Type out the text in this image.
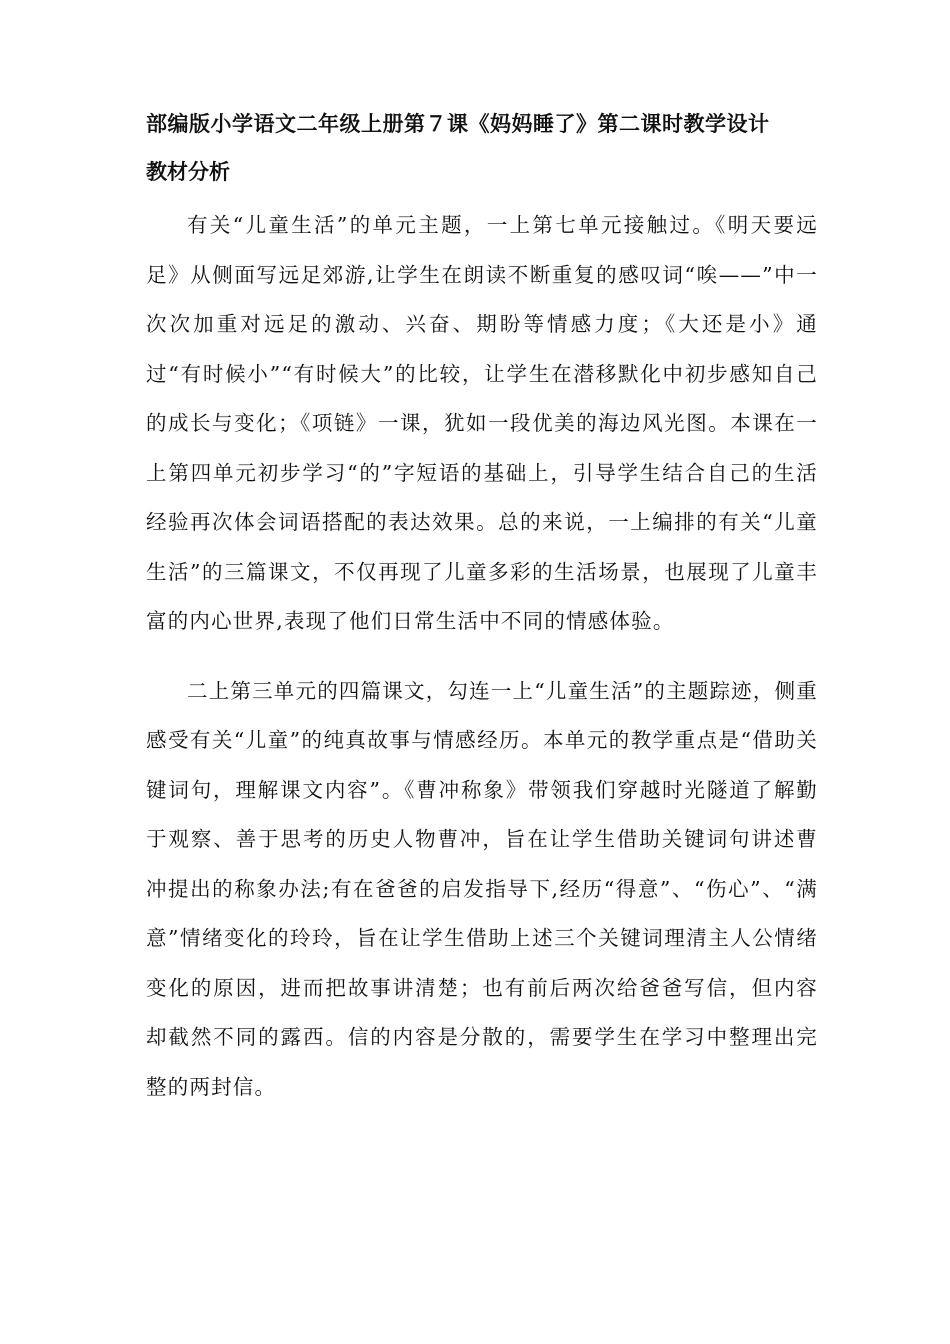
部编版小学语文二年级上册第７课《妈妈睡了》第二课时教学设计
教材分析

有关“儿童生活”的单元主题，一上第七单元接触过。《明天要远足》从侧面写远足郊游,让学生在朗读不断重复的感叹词“唉——”中一次次加重对远足的激动、兴奋、期盼等情感力度；《大还是小》通过“有时候小”“有时候大”的比较，让学生在潜移默化中初步感知自己的成长与变化；《项链》一课，犹如一段优美的海边风光图。本课在一上第四单元初步学习“的”字短语的基础上，引导学生结合自己的生活经验再次体会词语搭配的表达效果。总的来说，一上编排的有关“儿童生活”的三篇课文，不仅再现了儿童多彩的生活场景，也展现了儿童丰富的内心世界,表现了他们日常生活中不同的情感体验。

二上第三单元的四篇课文，勾连一上“儿童生活”的主题踪迹，侧重感受有关“儿童”的纯真故事与情感经历。本单元的教学重点是“借助关键词句，理解课文内容”。《曹冲称象》带领我们穿越时光隧道了解勤于观察、善于思考的历史人物曹冲，旨在让学生借助关键词句讲述曹冲提出的称象办法;有在爸爸的启发指导下,经历“得意”、“伤心”、“满意”情绪变化的玲玲，旨在让学生借助上述三个关键词理清主人公情绪变化的原因，进而把故事讲清楚；也有前后两次给爸爸写信，但内容却截然不同的露西。信的内容是分散的，需要学生在学习中整理出完整的两封信。
